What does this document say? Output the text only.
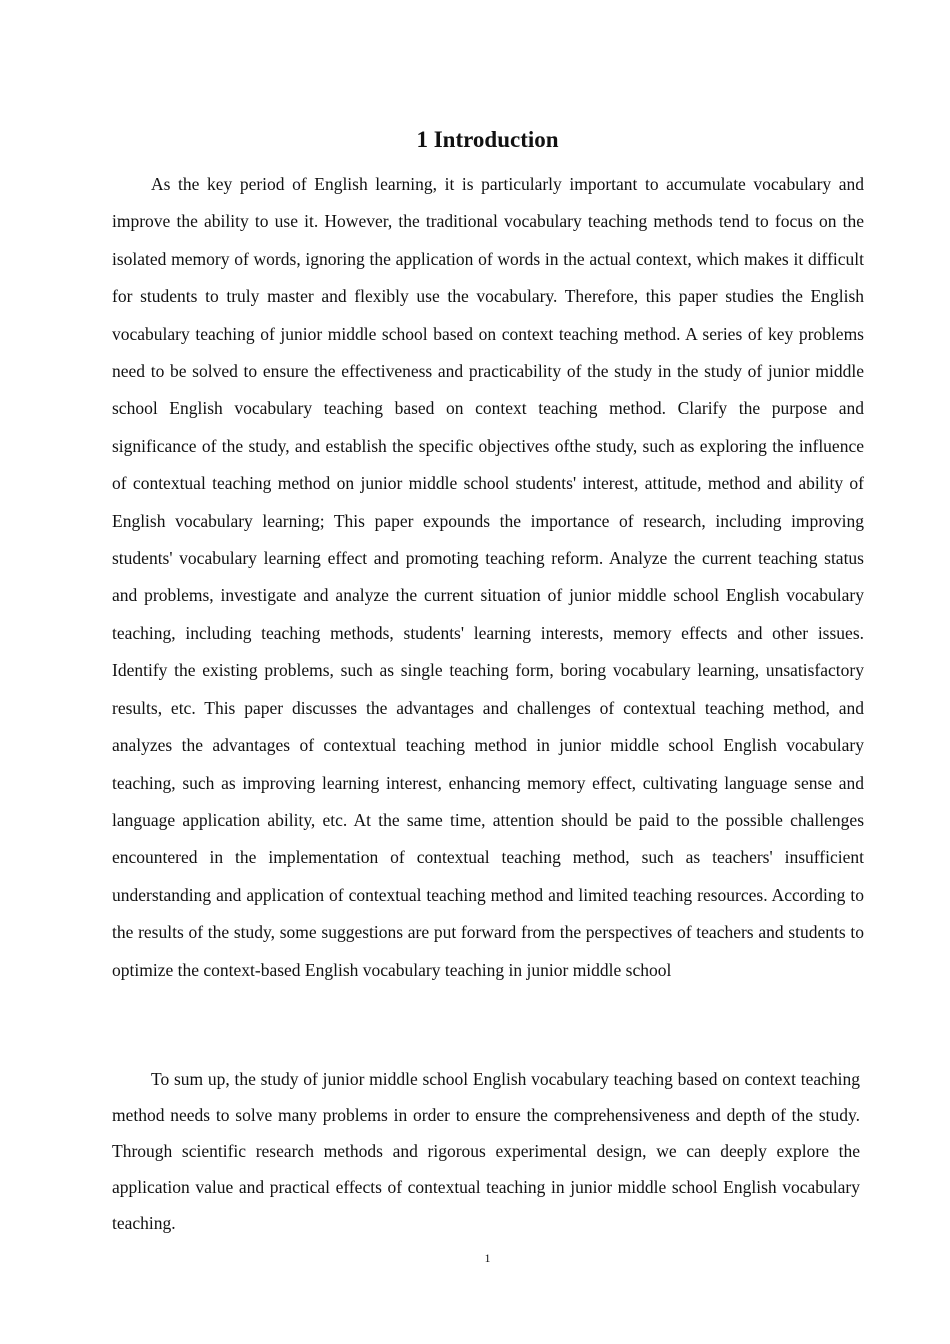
1 Introduction

As the key period of English learning, it is particularly important to accumulate vocabulary and improve the ability to use it. However, the traditional vocabulary teaching methods tend to focus on the isolated memory of words, ignoring the application of words in the actual context, which makes it difficult for students to truly master and flexibly use the vocabulary. Therefore, this paper studies the English vocabulary teaching of junior middle school based on context teaching method. A series of key problems need to be solved to ensure the effectiveness and practicability of the study in the study of junior middle school English vocabulary teaching based on context teaching method. Clarify the purpose and significance of the study, and establish the specific objectives ofthe study, such as exploring the influence of contextual teaching method on junior middle school students' interest, attitude, method and ability of English vocabulary learning; This paper expounds the importance of research, including improving students' vocabulary learning effect and promoting teaching reform. Analyze the current teaching status and problems, investigate and analyze the current situation of junior middle school English vocabulary teaching, including teaching methods, students' learning interests, memory effects and other issues. Identify the existing problems, such as single teaching form, boring vocabulary learning, unsatisfactory results, etc. This paper discusses the advantages and challenges of contextual teaching method, and analyzes the advantages of contextual teaching method in junior middle school English vocabulary teaching, such as improving learning interest, enhancing memory effect, cultivating language sense and language application ability, etc. At the same time, attention should be paid to the possible challenges encountered in the implementation of contextual teaching method, such as teachers' insufficient understanding and application of contextual teaching method and limited teaching resources. According to the results of the study, some suggestions are put forward from the perspectives of teachers and students to optimize the context-based English vocabulary teaching in junior middle school

To sum up, the study of junior middle school English vocabulary teaching based on context teaching method needs to solve many problems in order to ensure the comprehensiveness and depth of the study. Through scientific research methods and rigorous experimental design, we can deeply explore the application value and practical effects of contextual teaching in junior middle school English vocabulary teaching.

1
